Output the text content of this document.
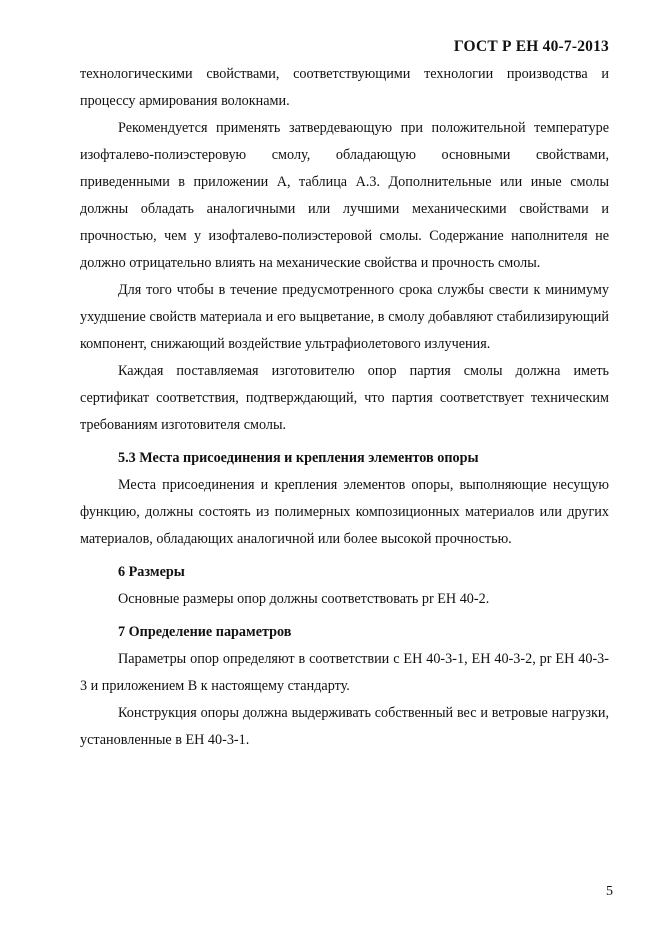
ГОСТ Р ЕН 40-7-2013

технологическими свойствами, соответствующими технологии производства и процессу армирования волокнами.

Рекомендуется применять затвердевающую при положительной температуре изофталево-полиэстеровую смолу, обладающую основными свойствами, приведенными в приложении А, таблица А.3. Дополнительные или иные смолы должны обладать аналогичными или лучшими механическими свойствами и прочностью, чем у изофталево-полиэстеровой смолы. Содержание наполнителя не должно отрицательно влиять на механические свойства и прочность смолы.

Для того чтобы в течение предусмотренного срока службы свести к минимуму ухудшение свойств материала и его выцветание, в смолу добавляют стабилизирующий компонент, снижающий воздействие ультрафиолетового излучения.

Каждая поставляемая изготовителю опор партия смолы должна иметь сертификат соответствия, подтверждающий, что партия соответствует техническим требованиям изготовителя смолы.

5.3 Места присоединения и крепления элементов опоры

Места присоединения и крепления элементов опоры, выполняющие несущую функцию, должны состоять из полимерных композиционных материалов или других материалов, обладающих аналогичной или более высокой прочностью.

6 Размеры

Основные размеры опор должны соответствовать pr ЕН 40-2.

7 Определение параметров

Параметры опор определяют в соответствии с ЕН 40-3-1, ЕН 40-3-2, pr ЕН 40-3-3 и приложением В к настоящему стандарту.

Конструкция опоры должна выдерживать собственный вес и ветровые нагрузки, установленные в ЕН 40-3-1.

5
